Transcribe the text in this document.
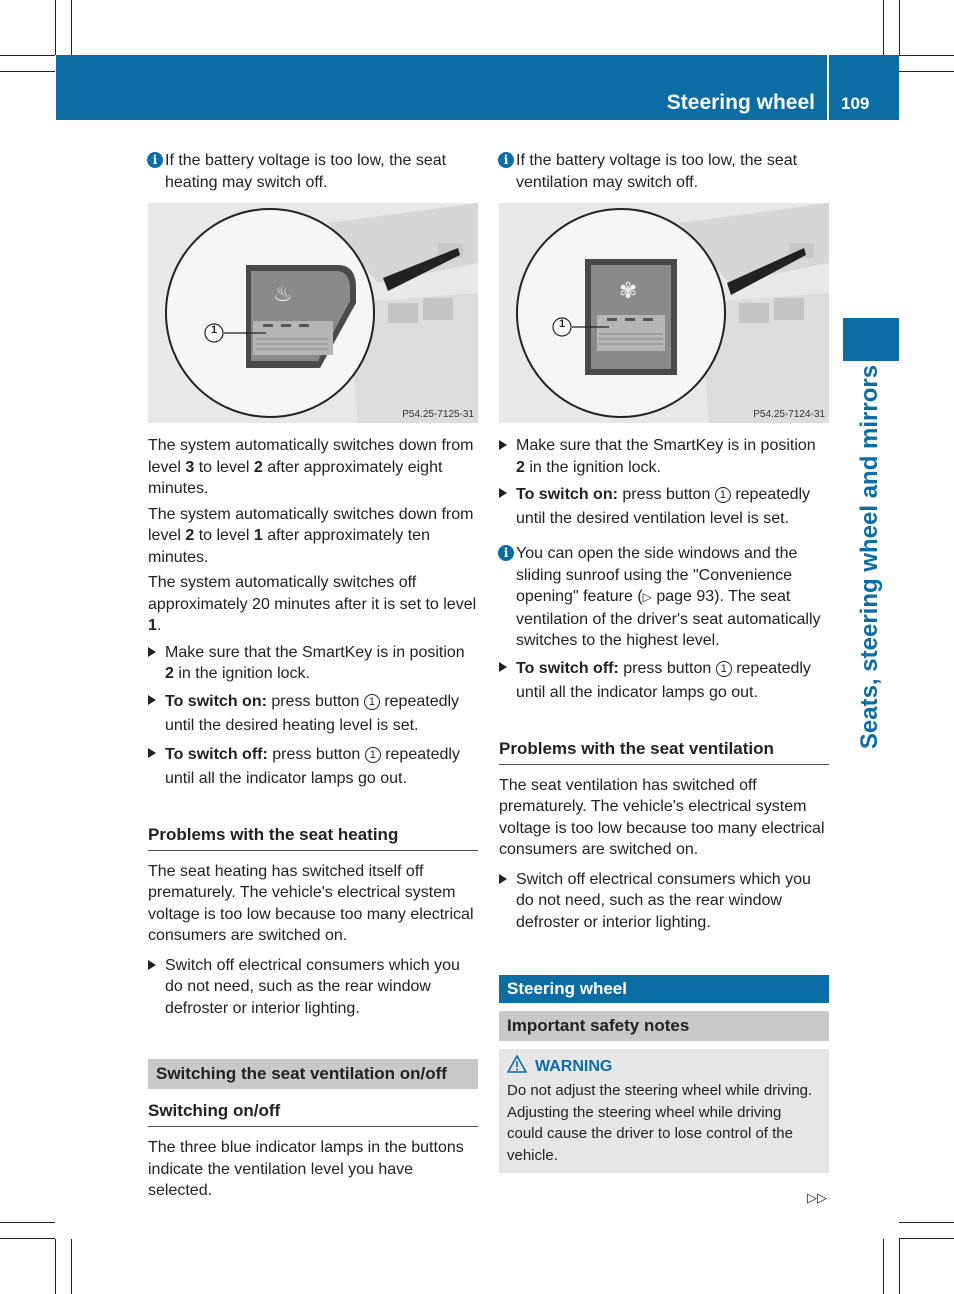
Steering wheel 109
Seats, steering wheel and mirrors
i If the battery voltage is too low, the seat heating may switch off.
♨
1
P54.25-7125-31

The system automatically switches down from level 3 to level 2 after approximately eight minutes.

The system automatically switches down from level 2 to level 1 after approximately ten minutes.

The system automatically switches off approximately 20 minutes after it is set to level 1.

Make sure that the SmartKey is in position 2 in the ignition lock.
To switch on: press button 1 repeatedly until the desired heating level is set.
To switch off: press button 1 repeatedly until all the indicator lamps go out.
Problems with the seat heating

The seat heating has switched itself off prematurely. The vehicle's electrical system voltage is too low because too many electrical consumers are switched on.

Switch off electrical consumers which you do not need, such as the rear window defroster or interior lighting.
Switching the seat ventilation on/off
Switching on/off

The three blue indicator lamps in the buttons indicate the ventilation level you have selected.

i If the battery voltage is too low, the seat ventilation may switch off.
✾
1
P54.25-7124-31
Make sure that the SmartKey is in position 2 in the ignition lock.
To switch on: press button 1 repeatedly until the desired ventilation level is set.
i You can open the side windows and the sliding sunroof using the "Convenience opening" feature (▷ page 93). The seat ventilation of the driver's seat automatically switches to the highest level.
To switch off: press button 1 repeatedly until all the indicator lamps go out.
Problems with the seat ventilation

The seat ventilation has switched off prematurely. The vehicle's electrical system voltage is too low because too many electrical consumers are switched on.

Switch off electrical consumers which you do not need, such as the rear window defroster or interior lighting.
Steering wheel
Important safety notes
WARNING

Do not adjust the steering wheel while driving. Adjusting the steering wheel while driving could cause the driver to lose control of the vehicle.

▷▷
